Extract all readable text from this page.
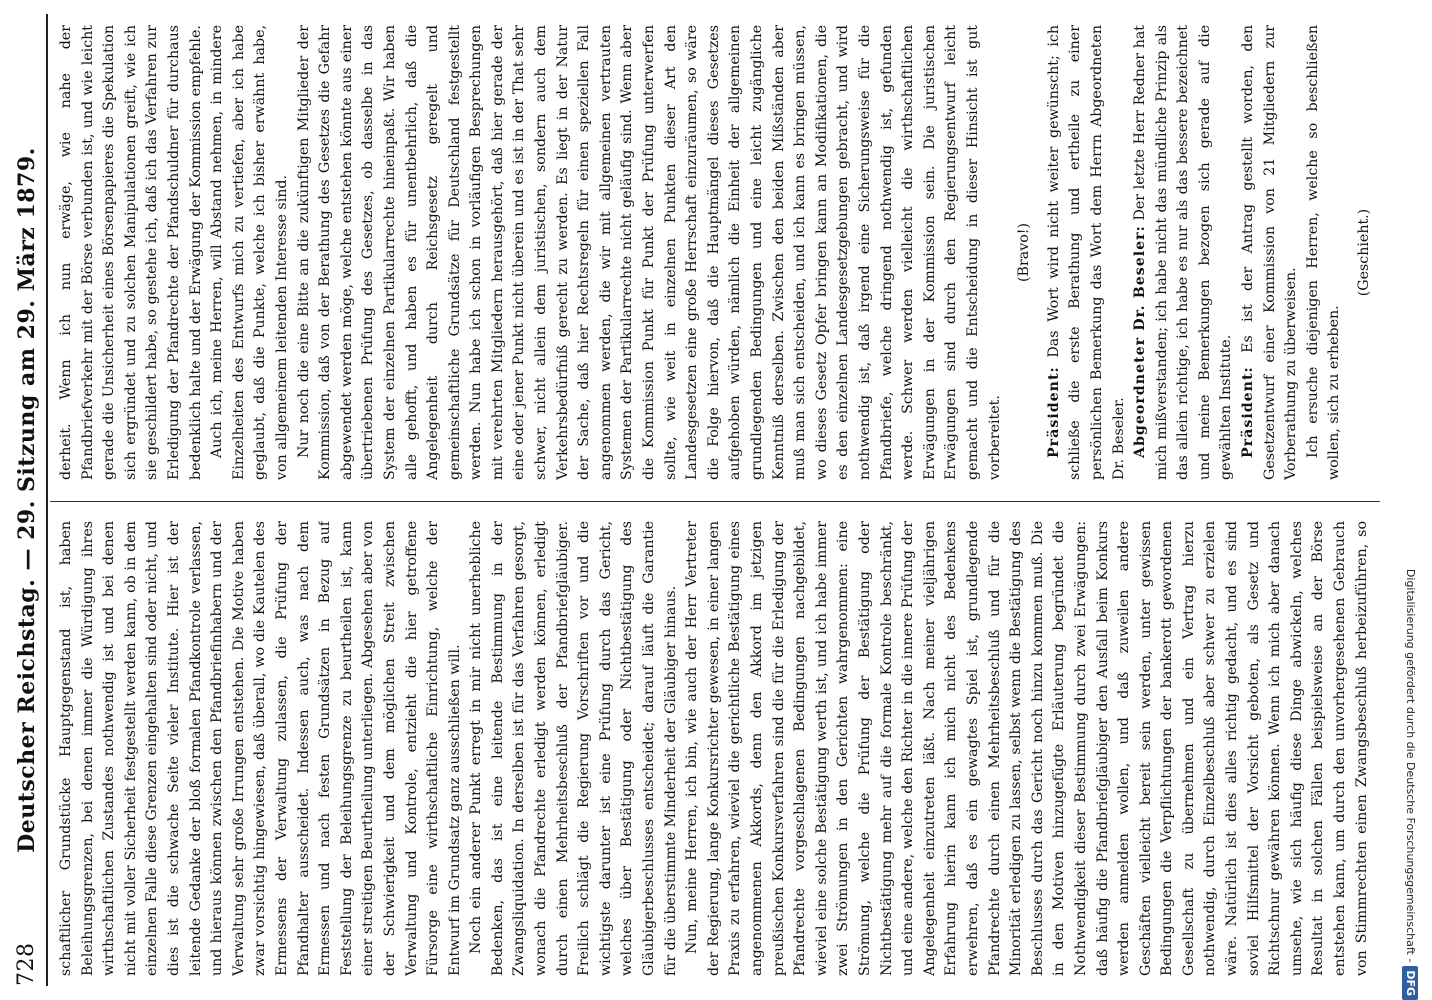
728
Deutscher Reichstag. — 29. Sitzung am 29. März 1879. schaftlicher Grundstücke Hauptgegenstand ist, haben Beleihungsgrenzen, bei denen immer die Würdigung ihres wirthschaftlichen Zustandes nothwendig ist und bei denen nicht mit voller Sicherheit festgestellt werden kann, ob in dem einzelnen Falle diese Grenzen eingehalten sind oder nicht, und dies ist die schwache Seite vieler Institute. Hier ist der leitende Gedanke der bloß formalen Pfandkontrole verlassen, und hieraus können zwischen den Pfandbriefinhabern und der Verwaltung sehr große Irrungen entstehen. Die Motive haben zwar vorsichtig hingewiesen, daß überall, wo die Kautelen des Ermessens der Verwaltung zulassen, die Prüfung der Pfandhalter ausscheidet. Indessen auch, was nach dem Ermessen und nach festen Grundsätzen in Bezug auf Feststellung der Beleihungsgrenze zu beurtheilen ist, kann einer streitigen Beurtheilung unterliegen. Abgesehen aber von der Schwierigkeit und dem möglichen Streit zwischen Verwaltung und Kontrole, entzieht die hier getroffene Fürsorge eine wirthschaftliche Einrichtung, welche der Entwurf im Grundsatz ganz ausschließen will. Noch ein anderer Punkt erregt in mir nicht unerhebliche Bedenken, das ist eine leitende Bestimmung in der Zwangsliquidation. In derselben ist für das Verfahren gesorgt, wonach die Pfandrechte erledigt werden können, erledigt durch einen Mehrheitsbeschluß der Pfandbriefgläubiger. Freilich schlägt die Regierung Vorschriften vor und die wichtigste darunter ist eine Prüfung durch das Gericht, welches über Bestätigung oder Nichtbestätigung des Gläubigerbeschlusses entscheidet; darauf läuft die Garantie für die überstimmte Minderheit der Gläubiger hinaus. Nun, meine Herren, ich bin, wie auch der Herr Vertreter der Regierung, lange Konkursrichter gewesen, in einer langen Praxis zu erfahren, wieviel die gerichtliche Bestätigung eines angenommenen Akkords, denn den Akkord im jetzigen preußischen Konkursverfahren sind die für die Erledigung der Pfandrechte vorgeschlagenen Bedingungen nachgebildet, wieviel eine solche Bestätigung werth ist, und ich habe immer zwei Strömungen in den Gerichten wahrgenommen: eine Strömung, welche die Prüfung der Bestätigung oder Nichtbestätigung mehr auf die formale Kontrole beschränkt, und eine andere, welche den Richter in die innere Prüfung der Angelegenheit einzutreten läßt. Nach meiner vieljährigen Erfahrung hierin kann ich mich nicht des Bedenkens erwehren, daß es ein gewagtes Spiel ist, grundlegende Pfandrechte durch einen Mehrheitsbeschluß und für die Minorität erledigen zu lassen, selbst wenn die Bestätigung des Beschlusses durch das Gericht noch hinzu kommen muß. Die in den Motiven hinzugefügte Erläuterung begründet die Nothwendigkeit dieser Bestimmung durch zwei Erwägungen: daß häufig die Pfandbriefgläubiger den Ausfall beim Konkurs werden anmelden wollen, und daß zuweilen andere Geschäften vielleicht bereit sein werden, unter gewissen Bedingungen die Verpflichtungen der bankerott gewordenen Gesellschaft zu übernehmen und ein Vertrag hierzu nothwendig, durch Einzelbeschluß aber schwer zu erzielen wäre. Natürlich ist dies alles richtig gedacht, und es sind soviel Hilfsmittel der Vorsicht geboten, als Gesetz und Richtschnur gewähren können. Wenn ich mich aber danach umsehe, wie sich häufig diese Dinge abwickeln, welches Resultat in solchen Fällen beispielsweise an der Börse entstehen kann, um durch den unvorhergesehenen Gebrauch von Stimmrechten einen Zwangsbeschluß herbeizuführen, so

derheit. Wenn ich nun erwäge, wie nahe der Pfandbriefverkehr mit der Börse verbunden ist, und wie leicht gerade die Unsicherheit eines Börsenpapieres die Spekulation sich ergründet und zu solchen Manipulationen greift, wie ich sie geschildert habe, so gestehe ich, daß ich das Verfahren zur Erledigung der Pfandrechte der Pfandschuldner für durchaus bedenklich halte und der Erwägung der Kommission empfehle. Auch ich, meine Herren, will Abstand nehmen, in mindere Einzelheiten des Entwurfs mich zu vertiefen, aber ich habe geglaubt, daß die Punkte, welche ich bisher erwähnt habe, von allgemeinem leitenden Interesse sind. Nur noch die eine Bitte an die zukünftigen Mitglieder der Kommission, daß von der Berathung des Gesetzes die Gefahr abgewendet werden möge, welche entstehen könnte aus einer übertriebenen Prüfung des Gesetzes, ob dasselbe in das System der einzelnen Partikularrechte hineinpaßt. Wir haben alle gehofft, und haben es für unentbehrlich, daß die Angelegenheit durch Reichsgesetz geregelt und gemeinschaftliche Grundsätze für Deutschland festgestellt werden. Nun habe ich schon in vorläufigen Besprechungen mit verehrten Mitgliedern herausgehört, daß hier gerade der eine oder jener Punkt nicht überein und es ist in der That sehr schwer, nicht allein dem juristischen, sondern auch dem Verkehrsbedürfniß gerecht zu werden. Es liegt in der Natur der Sache, daß hier Rechtsregeln für einen speziellen Fall angenommen werden, die wir mit allgemeinen vertrauten Systemen der Partikularrechte nicht geläufig sind. Wenn aber die Kommission Punkt für Punkt der Prüfung unterwerfen sollte, wie weit in einzelnen Punkten dieser Art den Landesgesetzen eine große Herrschaft einzuräumen, so wäre die Folge hiervon, daß die Hauptmängel dieses Gesetzes aufgehoben würden, nämlich die Einheit der allgemeinen grundlegenden Bedingungen und eine leicht zugängliche Kenntniß derselben. Zwischen den beiden Mißständen aber muß man sich entscheiden, und ich kann es bringen müssen, wo dieses Gesetz Opfer bringen kann an Modifikationen, die es den einzelnen Landesgesetzgebungen gebracht, und wird nothwendig ist, daß irgend eine Sicherungsweise für die Pfandbriefe, welche dringend nothwendig ist, gefunden werde. Schwer werden vielleicht die wirthschaftlichen Erwägungen in der Kommission sein. Die juristischen Erwägungen sind durch den Regierungsentwurf leicht gemacht und die Entscheidung in dieser Hinsicht ist gut vorbereitet.

(Bravo!)

Präsident: Das Wort wird nicht weiter gewünscht; ich schließe die erste Berathung und ertheile zu einer persönlichen Bemerkung das Wort dem Herrn Abgeordneten Dr. Beseler. Abgeordneter Dr. Beseler: Der letzte Herr Redner hat mich mißverstanden; ich habe nicht das mündliche Prinzip als das allein richtige, ich habe es nur als das bessere bezeichnet und meine Bemerkungen bezogen sich gerade auf die gewählten Institute. Präsident: Es ist der Antrag gestellt worden, den Gesetzentwurf einer Kommission von 21 Mitgliedern zur Vorberathung zu überweisen. Ich ersuche diejenigen Herren, welche so beschließen wollen, sich zu erheben.

(Geschieht.)

Digitalisierung gefördert durch die Deutsche Forschungsgemeinschaft -DFG
